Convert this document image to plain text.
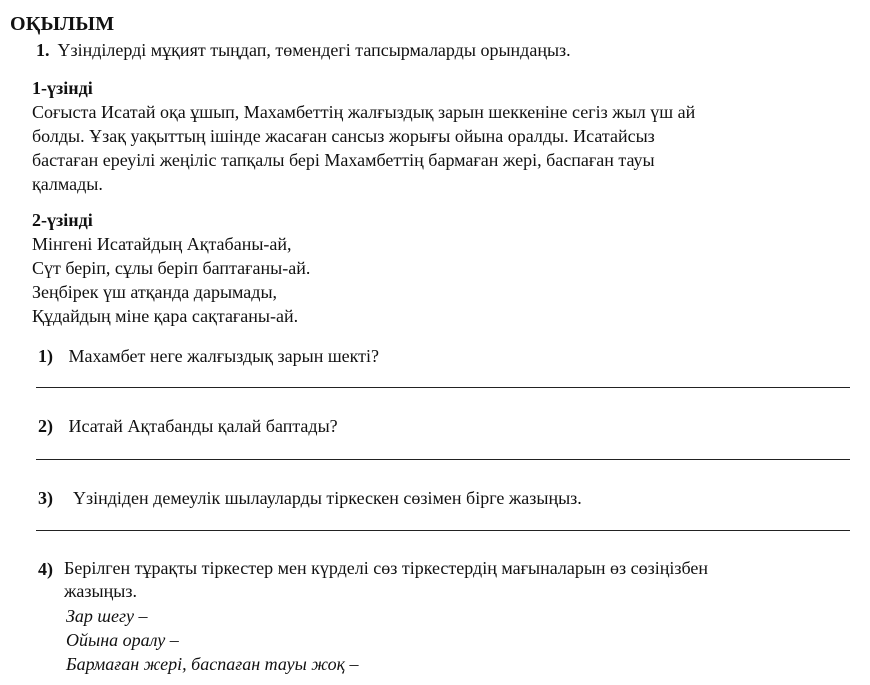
ОҚЫЛЫМ
1. Үзінділерді мұқият тыңдап, төмендегі тапсырмаларды орындаңыз.
1-үзінді
Соғыста Исатай оқа ұшып, Махамбеттің жалғыздық зарын шеккеніне сегіз жыл үш ай
болды. Ұзақ уақыттың ішінде жасаған сансыз жорығы ойына оралды. Исатайсыз
бастаған ереуілі жеңіліс тапқалы бері Махамбеттің бармаған жері, баспаған тауы
қалмады.
2-үзінді
Мінгені Исатайдың Ақтабаны-ай,
Сүт беріп, сұлы беріп баптағаны-ай.
Зеңбірек үш атқанда дарымады,
Құдайдың міне қара сақтағаны-ай.
1) Махамбет неге жалғыздық зарын шекті?
2) Исатай Ақтабанды қалай баптады?
3)  Үзіндіден демеулік шылауларды тіркескен сөзімен бірге жазыңыз.
4) Берілген тұрақты тіркестер мен күрделі сөз тіркестердің мағыналарын өз сөзіңізбен
жазыңыз.
Зар шегу –
Ойына оралу –
Бармаған жері, баспаған тауы жоқ –
